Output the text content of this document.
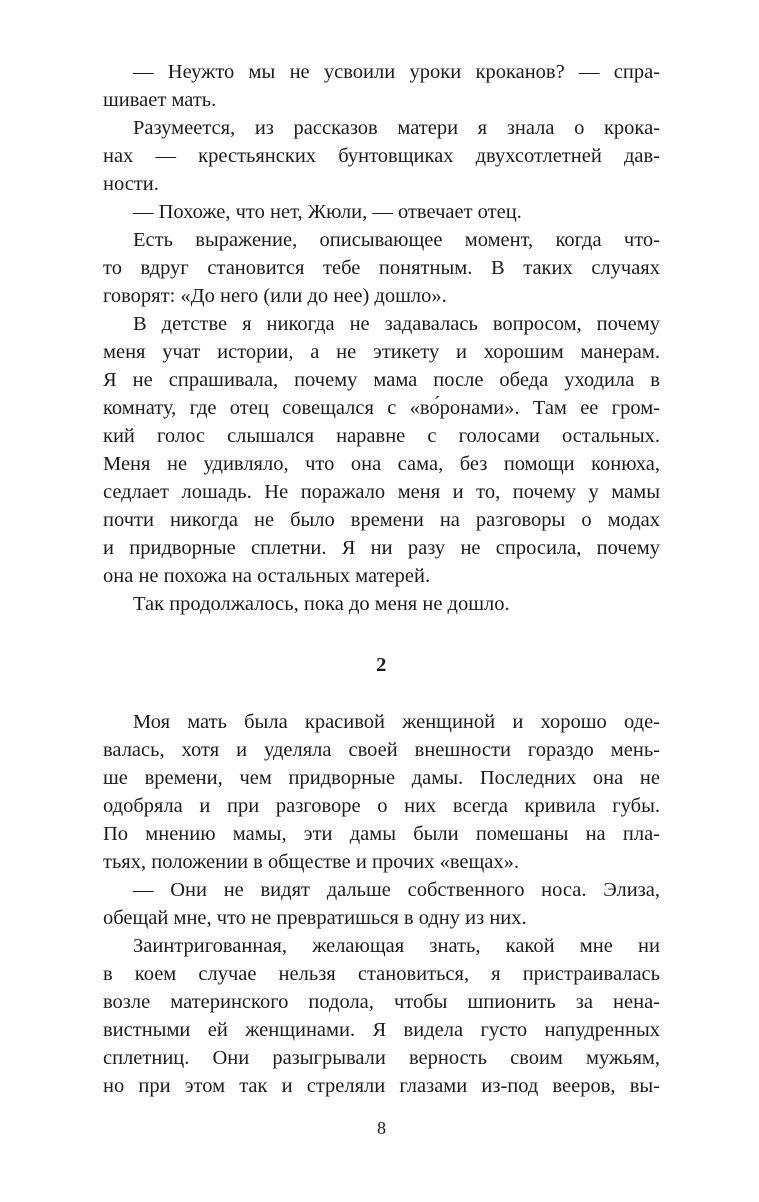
— Неужто мы не усвоили уроки кроканов? — спра-
шивает мать.
Разумеется, из рассказов матери я знала о крока-
нах — крестьянских бунтовщиках двухсотлетней дав-
ности.
— Похоже, что нет, Жюли, — отвечает отец.
Есть выражение, описывающее момент, когда что-
то вдруг становится тебе понятным. В таких случаях
говорят: «До него (или до нее) дошло».
В детстве я никогда не задавалась вопросом, почему
меня учат истории, а не этикету и хорошим манерам.
Я не спрашивала, почему мама после обеда уходила в
комнату, где отец совещался с «во́ронами». Там ее гром-
кий голос слышался наравне с голосами остальных.
Меня не удивляло, что она сама, без помощи конюха,
седлает лошадь. Не поражало меня и то, почему у мамы
почти никогда не было времени на разговоры о модах
и придворные сплетни. Я ни разу не спросила, почему
она не похожа на остальных матерей.
Так продолжалось, пока до меня не дошло.
2
Моя мать была красивой женщиной и хорошо оде-
валась, хотя и уделяла своей внешности гораздо мень-
ше времени, чем придворные дамы. Последних она не
одобряла и при разговоре о них всегда кривила губы.
По мнению мамы, эти дамы были помешаны на пла-
тьях, положении в обществе и прочих «вещах».
— Они не видят дальше собственного носа. Элиза,
обещай мне, что не превратишься в одну из них.
Заинтригованная, желающая знать, какой мне ни
в коем случае нельзя становиться, я пристраивалась
возле материнского подола, чтобы шпионить за нена-
вистными ей женщинами. Я видела густо напудренных
сплетниц. Они разыгрывали верность своим мужьям,
но при этом так и стреляли глазами из-под вееров, вы-
8
